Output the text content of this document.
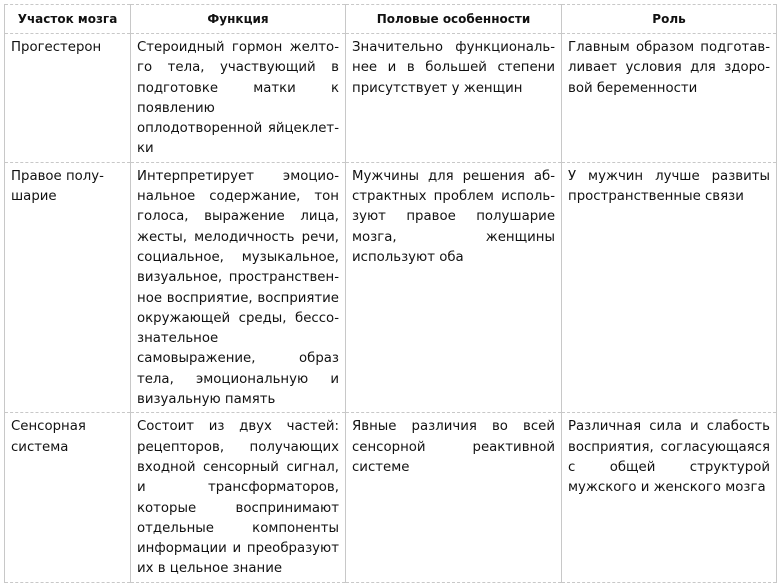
Участок мозга	Функция	Половые особенности	Роль
Прогестерон	Стероидный гормон желтого тела, участвующий в подготовке матки к появлению оплодотворенной яйцеклетки	Значительно функциональнее и в большей степени присутствует у женщин	Главным образом подготавливает условия для здоровой беременности
Правое полушарие	Интерпретирует эмоциональное содержание, тон голоса, выражение лица, жесты, мелодичность речи, социальное, музыкальное, визуальное, пространственное восприятие, восприятие окружающей среды, бессознательное самовыражение, образ тела, эмоциональную и визуальную память	Мужчины для решения абстрактных проблем используют правое полушарие мозга, женщины используют оба	У мужчин лучше развиты пространственные связи
Сенсорная система	Состоит из двух частей: рецепторов, получающих входной сенсорный сигнал, и трансформаторов, которые воспринимают отдельные компоненты информации и преобразуют их в цельное знание	Явные различия во всей сенсорной реактивной системе	Различная сила и слабость восприятия, согласующаяся с общей структурой мужского и женского мозга
